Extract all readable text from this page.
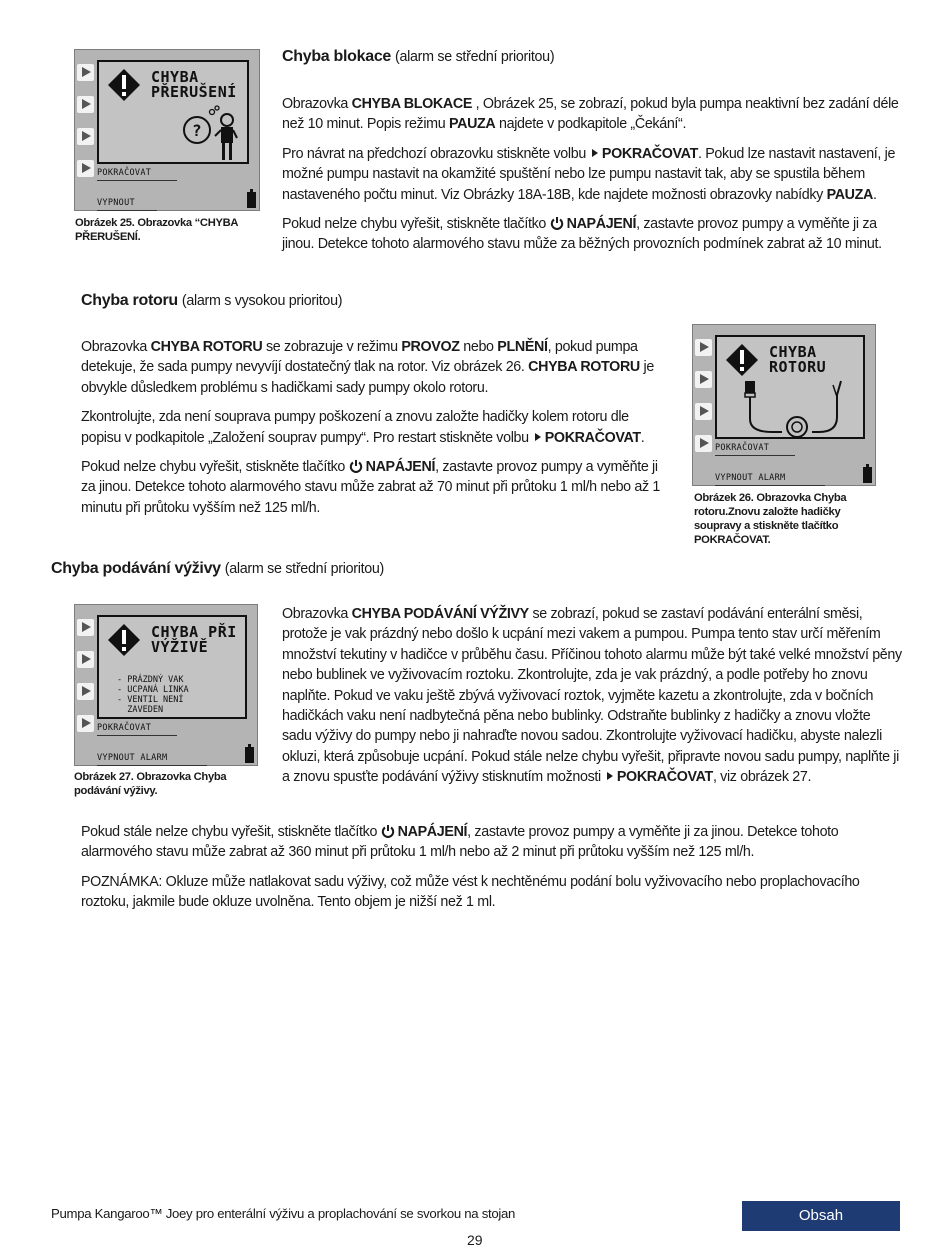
CHYBA
PŘERUŠENÍ
?
POKRAČOVAT
VYPNOUT
Obrázek 25. Obrazovka “CHYBA
PŘERUŠENÍ.
Chyba blokace (alarm se střední prioritou)

Obrazovka CHYBA BLOKACE , Obrázek 25, se zobrazí, pokud byla pumpa neaktivní bez zadání déle než 10 minut. Popis režimu PAUZA najdete v podkapitole „Čekání“.

Pro návrat na předchozí obrazovku stiskněte volbu POKRAČOVAT. Pokud lze nastavit nastavení, je možné pumpu nastavit na okamžité spuštění nebo lze pumpu nastavit tak, aby se spustila během nastaveného počtu minut. Viz Obrázky 18A-18B, kde najdete možnosti obrazovky nabídky PAUZA.

Pokud nelze chybu vyřešit, stiskněte tlačítko NAPÁJENÍ, zastavte provoz pumpy a vyměňte ji za jinou. Detekce tohoto alarmového stavu může za běžných provozních podmínek zabrat až 10 minut.

Chyba rotoru (alarm s vysokou prioritou)

Obrazovka CHYBA ROTORU se zobrazuje v režimu PROVOZ nebo PLNĚNÍ, pokud pumpa detekuje, že sada pumpy nevyvíjí dostatečný tlak na rotor. Viz obrázek 26. CHYBA ROTORU je obvykle důsledkem problému s hadičkami sady pumpy okolo rotoru.

Zkontrolujte, zda není souprava pumpy poškození a znovu založte hadičky kolem rotoru dle popisu v podkapitole „Založení souprav pumpy“. Pro restart stiskněte volbu POKRAČOVAT.

Pokud nelze chybu vyřešit, stiskněte tlačítko NAPÁJENÍ, zastavte provoz pumpy a vyměňte ji za jinou. Detekce tohoto alarmového stavu může zabrat až 70 minut při průtoku 1 ml/h nebo až 1 minutu při průtoku vyšším než 125 ml/h.

CHYBA
ROTORU
POKRAČOVAT
VYPNOUT ALARM
Obrázek 26. Obrazovka Chyba
rotoru.Znovu založte hadičky
soupravy a stiskněte tlačítko
POKRAČOVAT.
Chyba podávání výživy (alarm se střední prioritou)
CHYBA PŘI
VÝŽIVĚ
- PRÁZDNÝ VAK
- UCPANÁ LINKA
- VENTIL NENÍ
ZAVEDEN
POKRAČOVAT
VYPNOUT ALARM
Obrázek 27. Obrazovka Chyba
podávání výživy.

Obrazovka CHYBA PODÁVÁNÍ VÝŽIVY se zobrazí, pokud se zastaví podávání enterální směsi, protože je vak prázdný nebo došlo k ucpání mezi vakem a pumpou. Pumpa tento stav určí měřením množství tekutiny v hadičce v průběhu času. Příčinou tohoto alarmu může být také velké množství pěny nebo bublinek ve vyživovacím roztoku. Zkontrolujte, zda je vak prázdný, a podle potřeby ho znovu naplňte. Pokud ve vaku ještě zbývá vyživovací roztok, vyjměte kazetu a zkontrolujte, zda v bočních hadičkách vaku není nadbytečná pěna nebo bublinky. Odstraňte bublinky z hadičky a znovu vložte sadu výživy do pumpy nebo ji nahraďte novou sadou. Zkontrolujte vyživovací hadičku, abyste nalezli okluzi, která způsobuje ucpání. Pokud stále nelze chybu vyřešit, připravte novou sadu pumpy, naplňte ji a znovu spusťte podávání výživy stisknutím možnosti POKRAČOVAT, viz obrázek 27.

Pokud stále nelze chybu vyřešit, stiskněte tlačítko NAPÁJENÍ, zastavte provoz pumpy a vyměňte ji za jinou. Detekce tohoto alarmového stavu může zabrat až 360 minut při průtoku 1 ml/h nebo až 2 minut při průtoku vyšším než 125 ml/h.

POZNÁMKA: Okluze může natlakovat sadu výživy, což může vést k nechtěnému podání bolu vyživovacího nebo proplachovacího roztoku, jakmile bude okluze uvolněna. Tento objem je nižší než 1 ml.

Pumpa Kangaroo™ Joey pro enterální výživu a proplachování se svorkou na stojan	Obsah
29
